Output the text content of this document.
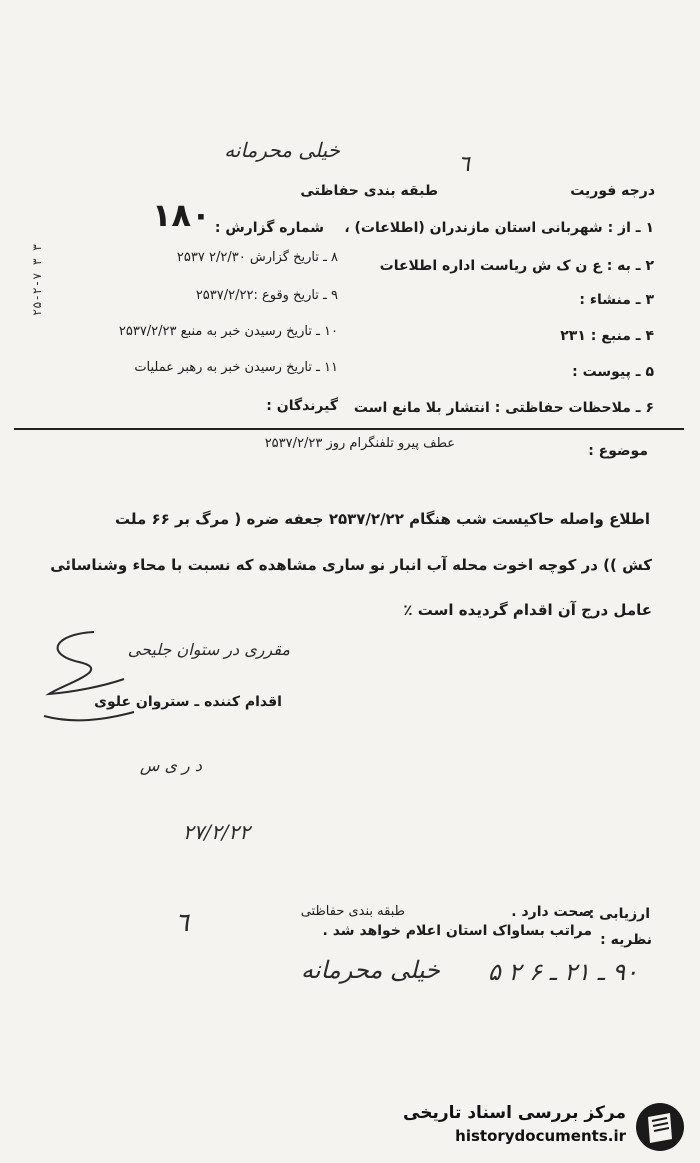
خیلی محرمانه
٦
درجه فوریت
طبقه بندی حفاظتی
۱۸۰	۱ ـ از : شهربانی استان مازندران (اطلاعات) ،
۲ ـ به : ع ن ک ش ریاست اداره اطلاعات
۳ ـ منشاء :
۴ ـ منبع : ۲۳۱
۵ ـ پیوست :
۶ ـ ملاحظات حفاظتی : انتشار بلا مانع است
شماره گزارش :
۸ ـ تاریخ گزارش ۲/۲/۳۰ ۲۵۳۷
۹ ـ تاریخ وقوع :۲۵۳۷/۲/۲۲
۱۰ ـ تاریخ رسیدن خبر به منبع ۲۵۳۷/۲/۲۳
۱۱ ـ تاریخ رسیدن خبر به رهبر عملیات
گیرندگان :
۲۵-۲-۷ ۳ ۳
موضوع :
عطف پیرو تلفنگرام روز ۲۵۳۷/۲/۲۳
اطلاع واصله حاکیست شب هنگام ۲۵۳۷/۲/۲۲ جعفه ضره ( مرگ بر ۶۶ ملت
کش )) در کوچه اخوت محله آب انبار نو ساری مشاهده که نسبت با محاء وشناسائی
عامل درج آن اقدام گردیده است ٪
مقرری در ستوان جلیحی
اقدام کننده ـ ستروان علوی
د ر ی س
۲۷/۲/۲۲
طبقه بندی حفاظتی	ارزیابی :
صحت دارد .
نظریه :
مراتب بساواک استان اعلام خواهد شد .
٦
خیلی محرمانه ۹۰ ـ ۲۱ ـ ۶ ۲ ۵
مرکز بررسی اسناد تاریخی
historydocuments.ir
